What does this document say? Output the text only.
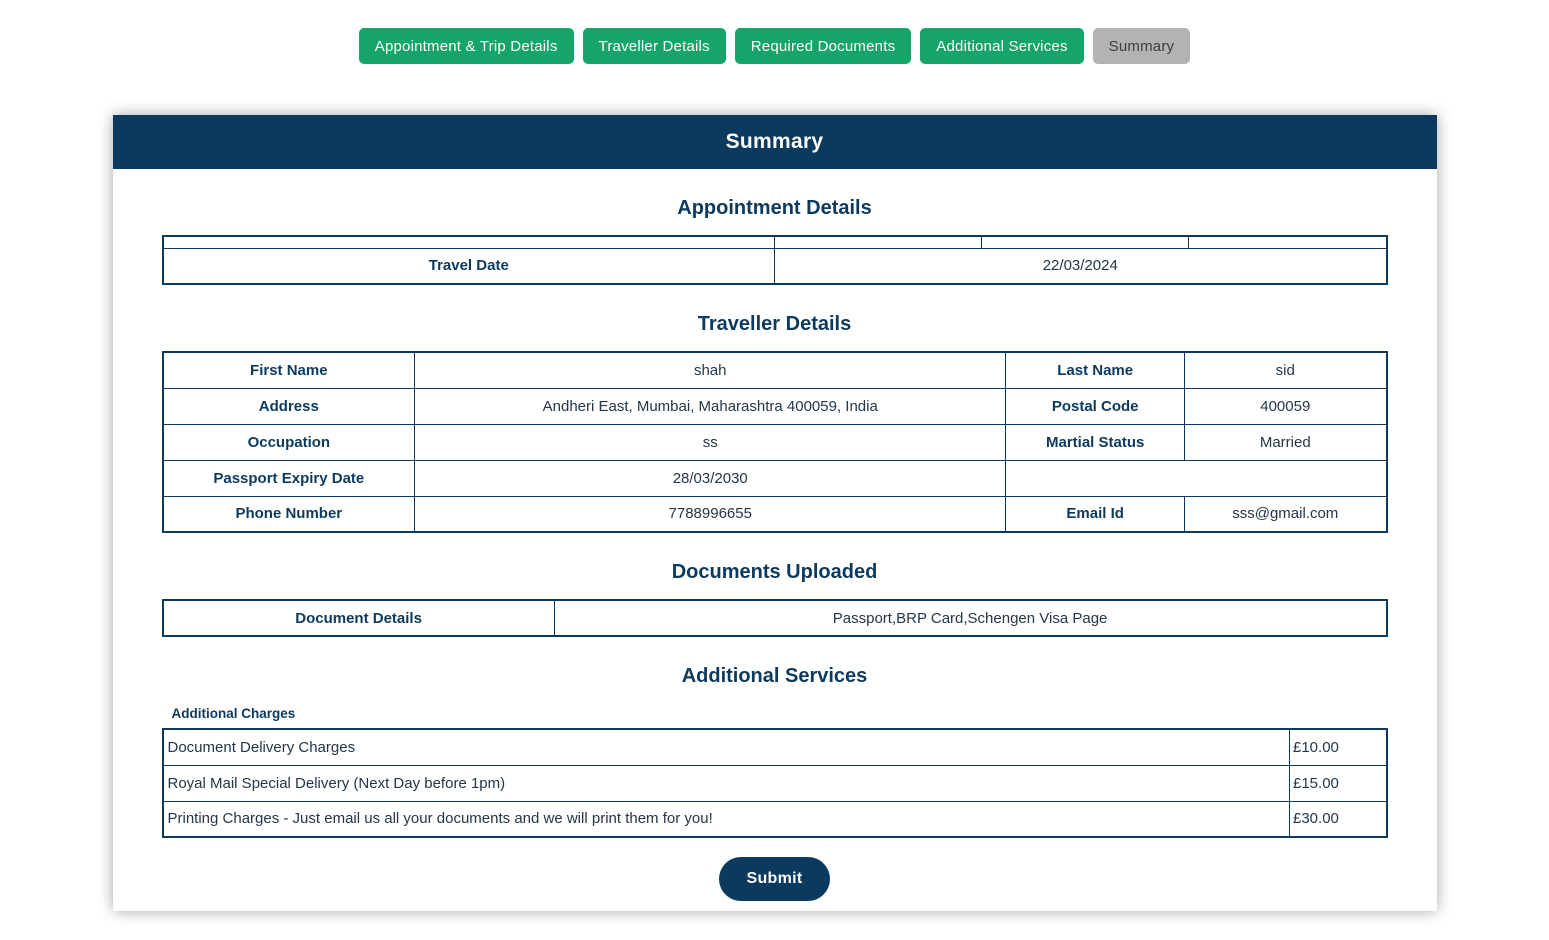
Appointment & Trip Details	Traveller Details	Required Documents	Additional Services	Summary
Summary
Appointment Details

Travel Date	22/03/2024		
Traveller Details
First Name	shah	Last Name	sid
Address	Andheri East, Mumbai, Maharashtra 400059, India	Postal Code	400059
Occupation	ss	Martial Status	Married
Passport Expiry Date	28/03/2030		
Phone Number	7788996655	Email Id	sss@gmail.com
Documents Uploaded
Document Details	Passport,BRP Card,Schengen Visa Page
Additional Services
Additional Charges
Document Delivery Charges	£10.00
Royal Mail Special Delivery (Next Day before 1pm)	£15.00
Printing Charges - Just email us all your documents and we will print them for you!	£30.00
Submit
